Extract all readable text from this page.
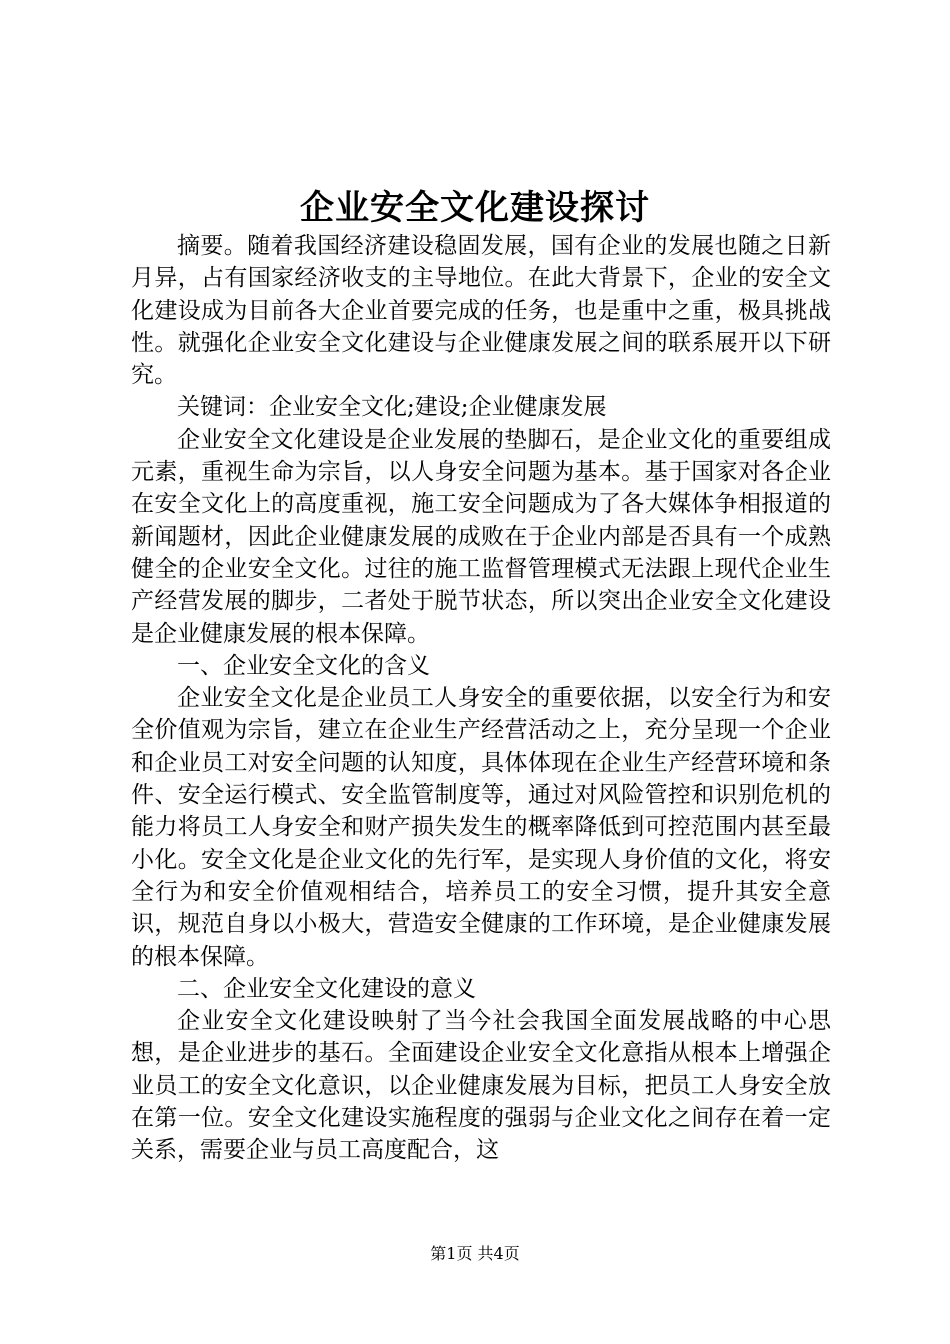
企业安全文化建设探讨

摘要。随着我国经济建设稳固发展，国有企业的发展也随之日新月异，占有国家经济收支的主导地位。在此大背景下，企业的安全文化建设成为目前各大企业首要完成的任务，也是重中之重，极具挑战性。就强化企业安全文化建设与企业健康发展之间的联系展开以下研究。

关键词：企业安全文化;建设;企业健康发展

企业安全文化建设是企业发展的垫脚石，是企业文化的重要组成元素，重视生命为宗旨，以人身安全问题为基本。基于国家对各企业在安全文化上的高度重视，施工安全问题成为了各大媒体争相报道的新闻题材，因此企业健康发展的成败在于企业内部是否具有一个成熟健全的企业安全文化。过往的施工监督管理模式无法跟上现代企业生产经营发展的脚步，二者处于脱节状态，所以突出企业安全文化建设是企业健康发展的根本保障。

一、企业安全文化的含义

企业安全文化是企业员工人身安全的重要依据，以安全行为和安全价值观为宗旨，建立在企业生产经营活动之上，充分呈现一个企业和企业员工对安全问题的认知度，具体体现在企业生产经营环境和条件、安全运行模式、安全监管制度等，通过对风险管控和识别危机的能力将员工人身安全和财产损失发生的概率降低到可控范围内甚至最小化。安全文化是企业文化的先行军，是实现人身价值的文化，将安全行为和安全价值观相结合，培养员工的安全习惯，提升其安全意识，规范自身以小极大，营造安全健康的工作环境，是企业健康发展的根本保障。

二、企业安全文化建设的意义

企业安全文化建设映射了当今社会我国全面发展战略的中心思想，是企业进步的基石。全面建设企业安全文化意指从根本上增强企业员工的安全文化意识，以企业健康发展为目标，把员工人身安全放在第一位。安全文化建设实施程度的强弱与企业文化之间存在着一定关系，需要企业与员工高度配合，这

第1页 共4页
